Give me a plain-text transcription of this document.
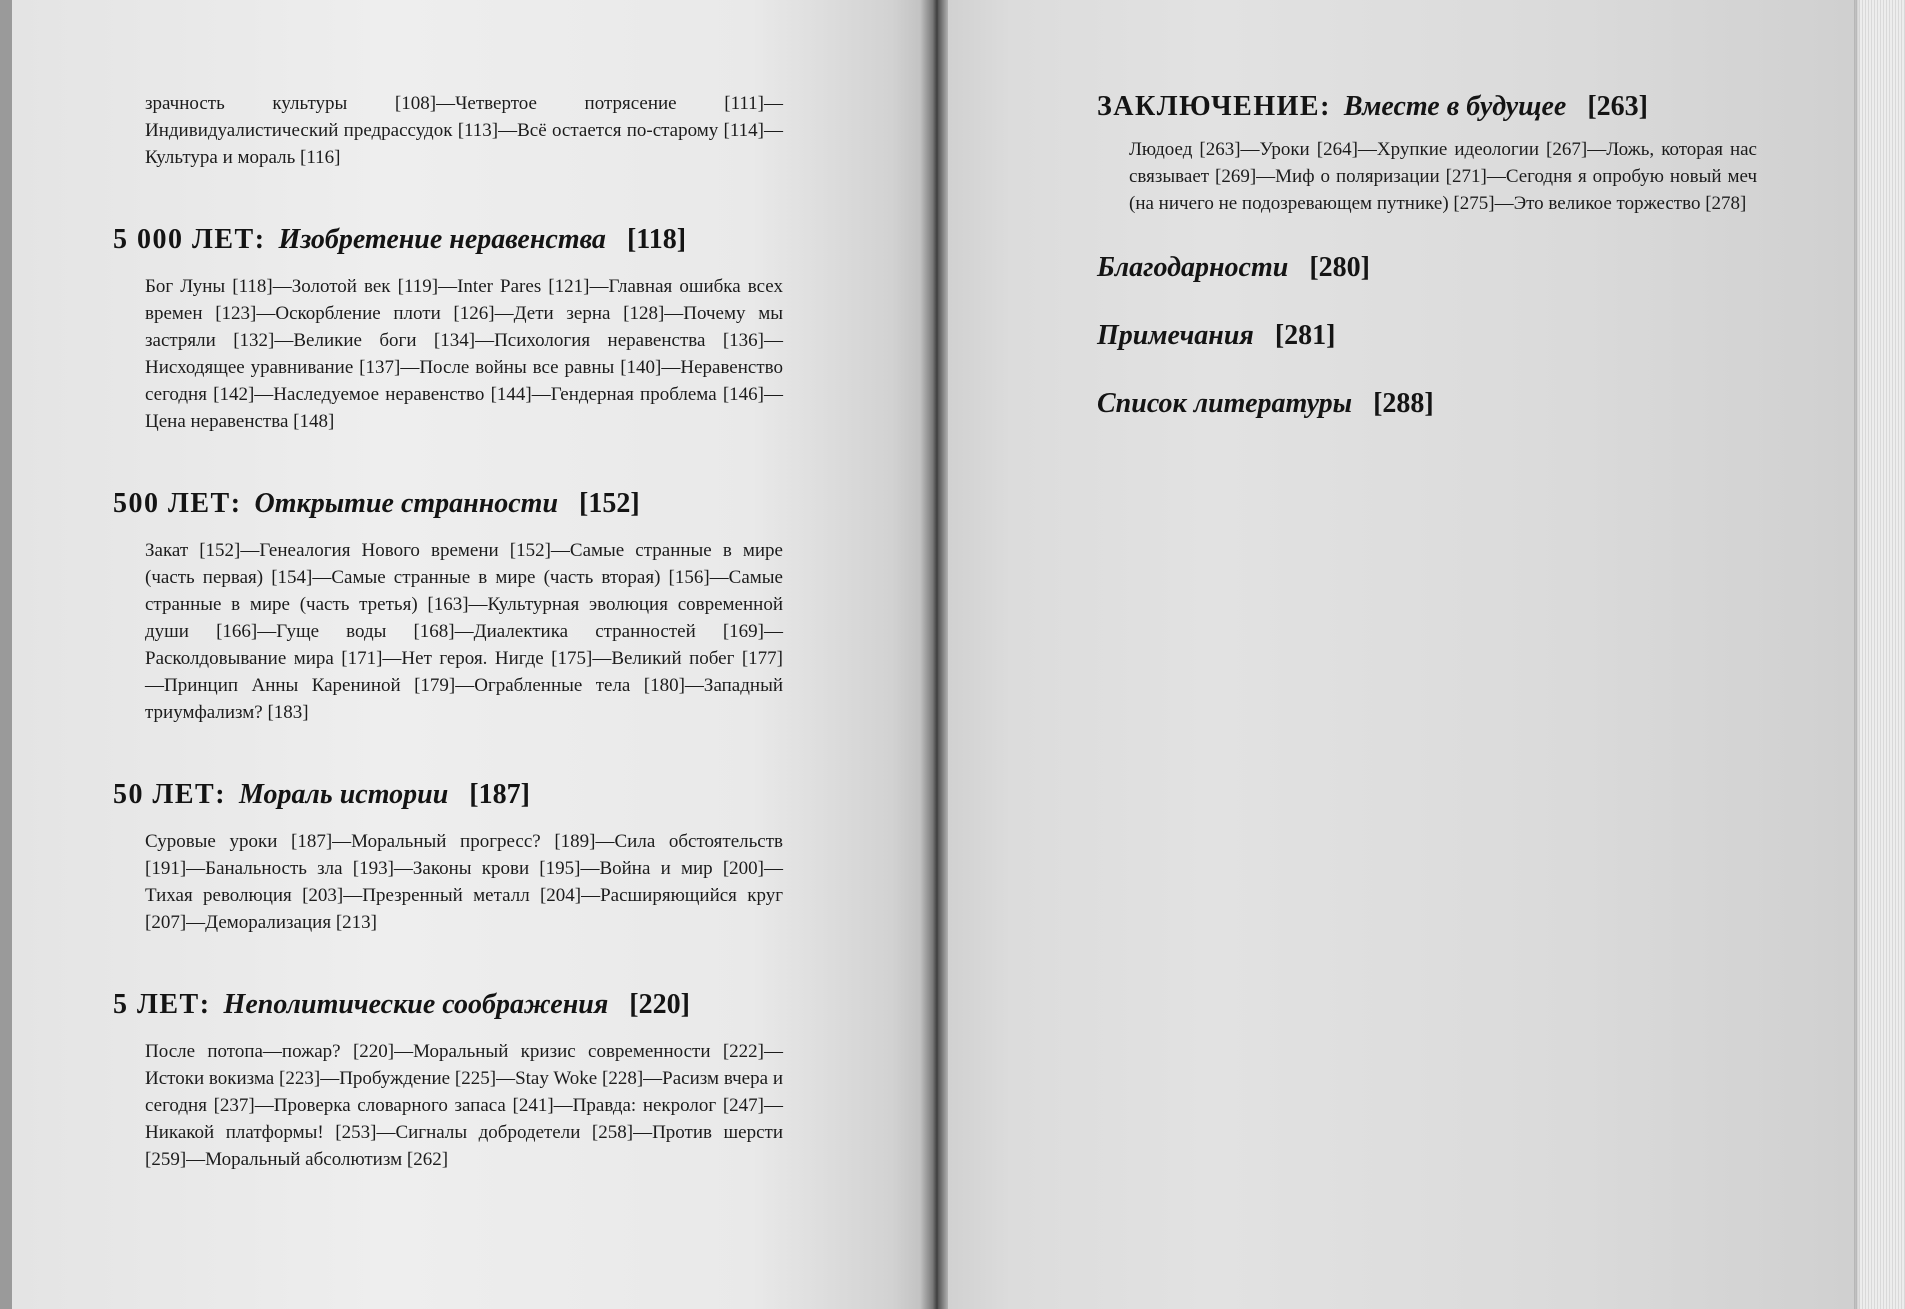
зрачность культуры [108]—Четвертое потрясение [111]—Индивидуалистический предрассудок [113]—Всё остается по-старому [114]—Культура и мораль [116]

5 000 ЛЕТ: Изобретение неравенства [118]

Бог Луны [118]—Золотой век [119]—Inter Pares [121]—Главная ошибка всех времен [123]—Оскорбление плоти [126]—Дети зерна [128]—Почему мы застряли [132]—Великие боги [134]—Психология неравенства [136]—Нисходящее уравнивание [137]—После войны все равны [140]—Неравенство сегодня [142]—Наследуемое неравенство [144]—Гендерная проблема [146]—Цена неравенства [148]

500 ЛЕТ: Открытие странности [152]

Закат [152]—Генеалогия Нового времени [152]—Самые странные в мире (часть первая) [154]—Самые странные в мире (часть вторая) [156]—Самые странные в мире (часть третья) [163]—Культурная эволюция современной души [166]—Гуще воды [168]—Диалектика странностей [169]—Расколдовывание мира [171]—Нет героя. Нигде [175]—Великий побег [177]—Принцип Анны Карениной [179]—Ограбленные тела [180]—Западный триумфализм? [183]

50 ЛЕТ: Мораль истории [187]

Суровые уроки [187]—Моральный прогресс? [189]—Сила обстоятельств [191]—Банальность зла [193]—Законы крови [195]—Война и мир [200]—Тихая революция [203]—Презренный металл [204]—Расширяющийся круг [207]—Деморализация [213]

5 ЛЕТ: Неполитические соображения [220]

После потопа—пожар? [220]—Моральный кризис современности [222]—Истоки вокизма [223]—Пробуждение [225]—Stay Woke [228]—Расизм вчера и сегодня [237]—Проверка словарного запаса [241]—Правда: некролог [247]—Никакой платформы! [253]—Сигналы добродетели [258]—Против шерсти [259]—Моральный абсолютизм [262]

ЗАКЛЮЧЕНИЕ: Вместе в будущее [263]

Людоед [263]—Уроки [264]—Хрупкие идеологии [267]—Ложь, которая нас связывает [269]—Миф о поляризации [271]—Сегодня я опробую новый меч (на ничего не подозревающем путнике) [275]—Это великое торжество [278]

Благодарности [280]
Примечания [281]
Список литературы [288]
